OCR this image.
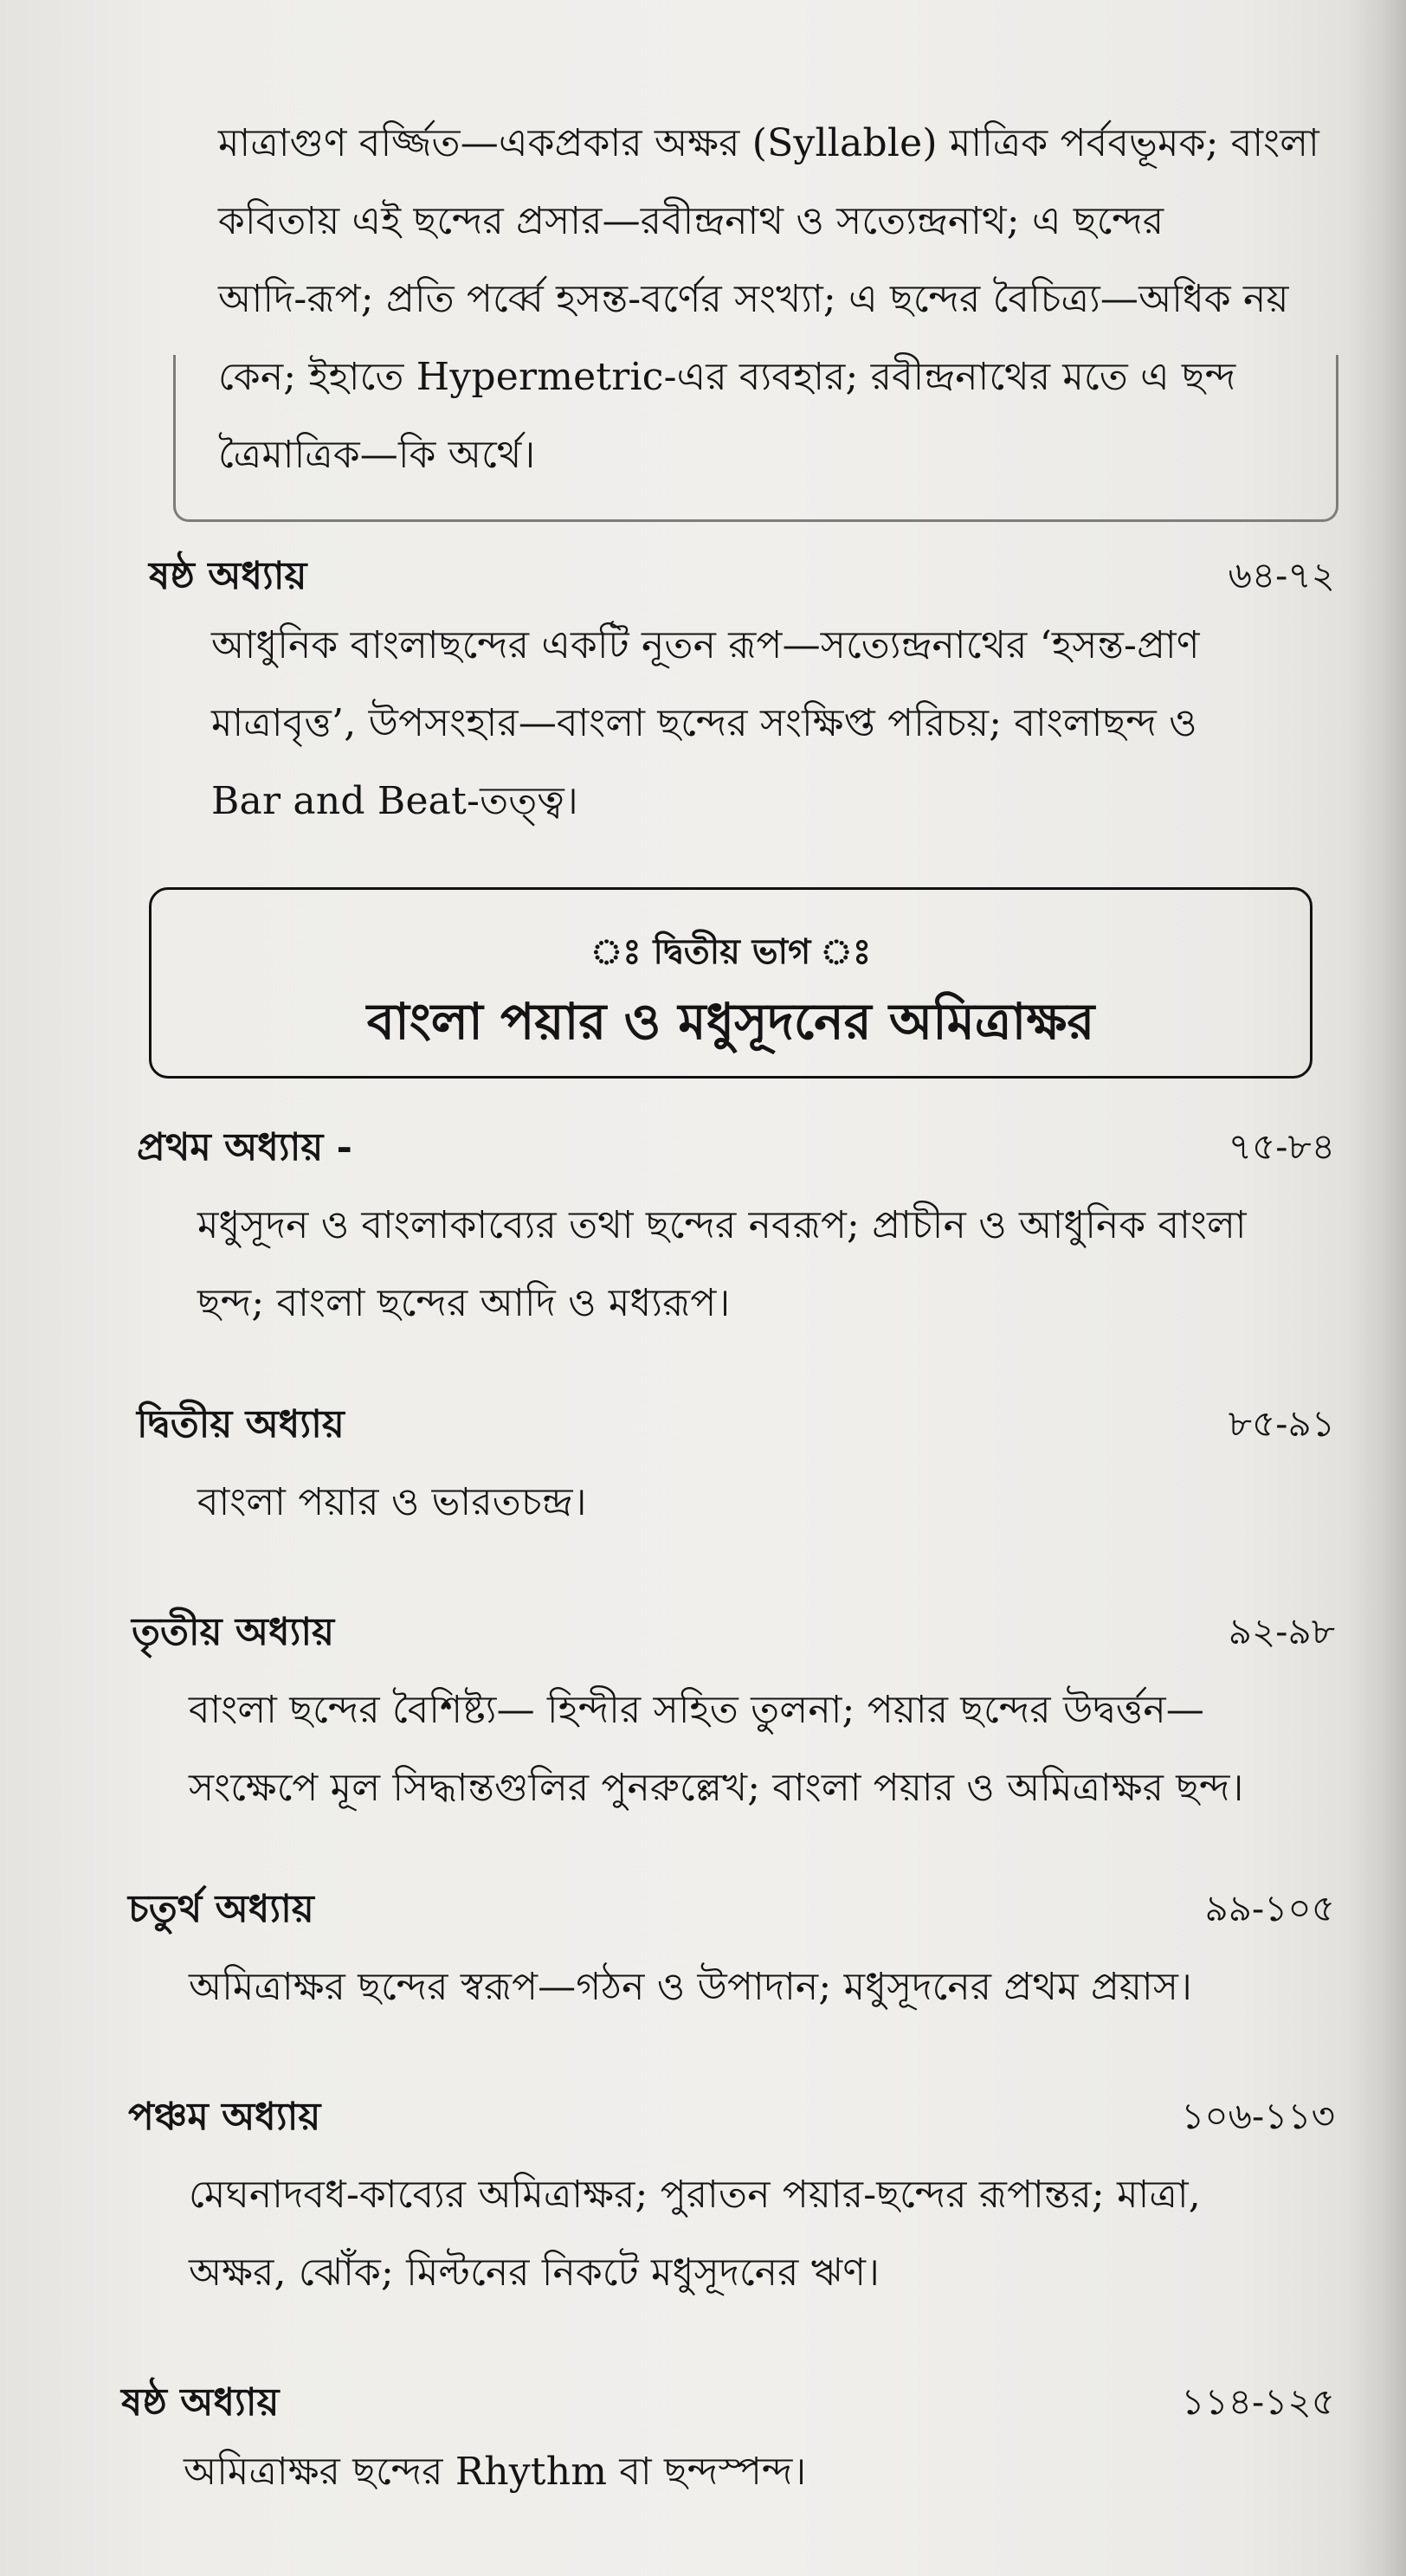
মাত্রাগুণ বর্জ্জিত—একপ্রকার অক্ষর (Syllable) মাত্রিক পর্ববভূমক; বাংলা
কবিতায় এই ছন্দের প্রসার—রবীন্দ্রনাথ ও সত্যেন্দ্রনাথ; এ ছন্দের
আদি-রূপ; প্রতি পর্ব্বে হসন্ত-বর্ণের সংখ্যা; এ ছন্দের বৈচিত্র্য—অধিক নয়
কেন; ইহাতে Hypermetric-এর ব্যবহার; রবীন্দ্রনাথের মতে এ ছন্দ
ত্রৈমাত্রিক—কি অর্থে।
ষষ্ঠ অধ্যায়	৬৪-৭২
আধুনিক বাংলাছন্দের একটি নূতন রূপ—সত্যেন্দ্রনাথের ‘হসন্ত-প্রাণ
মাত্রাবৃত্ত’, উপসংহার—বাংলা ছন্দের সংক্ষিপ্ত পরিচয়; বাংলাছন্দ ও
Bar and Beat-তত্ত্ব।
ঃ দ্বিতীয় ভাগ ঃ
বাংলা পয়ার ও মধুসূদনের অমিত্রাক্ষর
প্রথম অধ্যায় -	৭৫-৮৪
মধুসূদন ও বাংলাকাব্যের তথা ছন্দের নবরূপ; প্রাচীন ও আধুনিক বাংলা
ছন্দ; বাংলা ছন্দের আদি ও মধ্যরূপ।
দ্বিতীয় অধ্যায়	৮৫-৯১
বাংলা পয়ার ও ভারতচন্দ্র।
তৃতীয় অধ্যায়	৯২-৯৮
বাংলা ছন্দের বৈশিষ্ট্য— হিন্দীর সহিত তুলনা; পয়ার ছন্দের উদ্বর্ত্তন—
সংক্ষেপে মূল সিদ্ধান্তগুলির পুনরুল্লেখ; বাংলা পয়ার ও অমিত্রাক্ষর ছন্দ।
চতুর্থ অধ্যায়	৯৯-১০৫
অমিত্রাক্ষর ছন্দের স্বরূপ—গঠন ও উপাদান; মধুসূদনের প্রথম প্রয়াস।
পঞ্চম অধ্যায়	১০৬-১১৩
মেঘনাদবধ-কাব্যের অমিত্রাক্ষর; পুরাতন পয়ার-ছন্দের রূপান্তর; মাত্রা,
অক্ষর, ঝোঁক; মিল্টনের নিকটে মধুসূদনের ঋণ।
ষষ্ঠ অধ্যায়	১১৪-১২৫
অমিত্রাক্ষর ছন্দের Rhythm বা ছন্দস্পন্দ।
